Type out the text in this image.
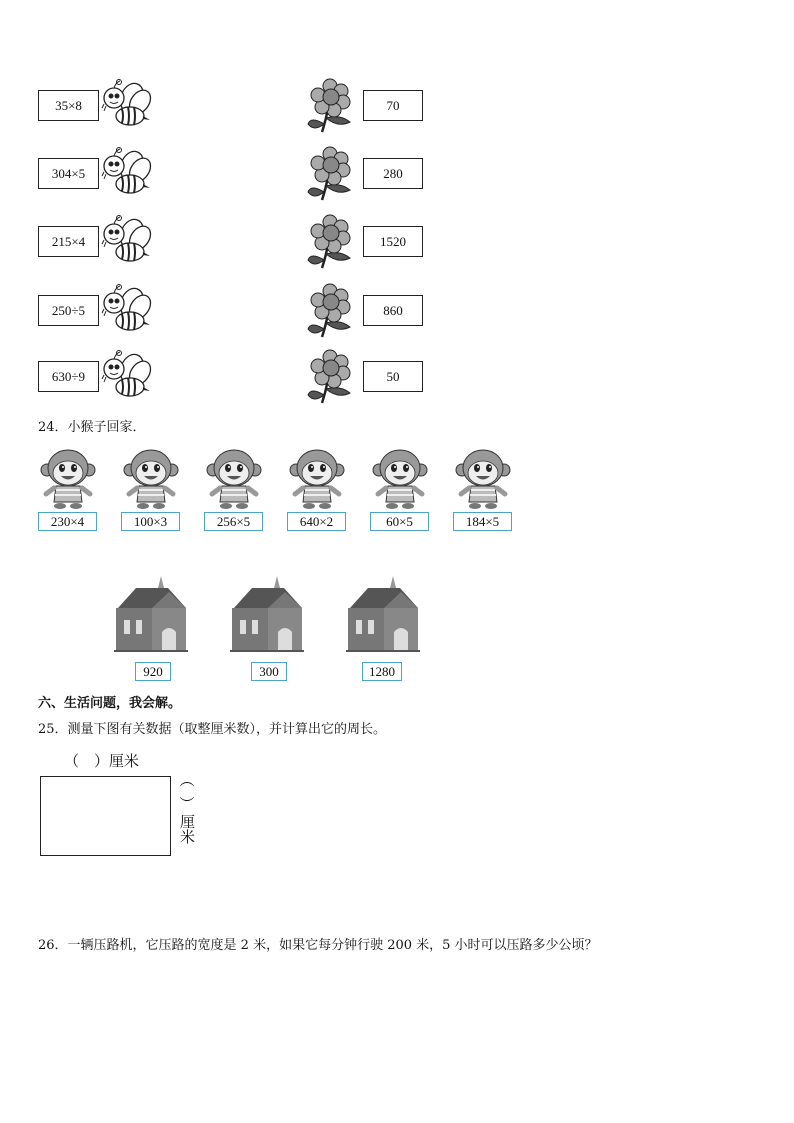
35×8
304×5
215×4
250÷5
630÷9
70
280
1520
860
50
24．小猴子回家．
230×4	100×3	256×5	640×2	60×5	184×5
920	300	1280
六、生活问题，我会解。
25．测量下图有关数据（取整厘米数），并计算出它的周长。
（　）厘米
︵
︶
厘米
26．一辆压路机，它压路的宽度是 2 米，如果它每分钟行驶 200 米，5 小时可以压路多少公顷？
